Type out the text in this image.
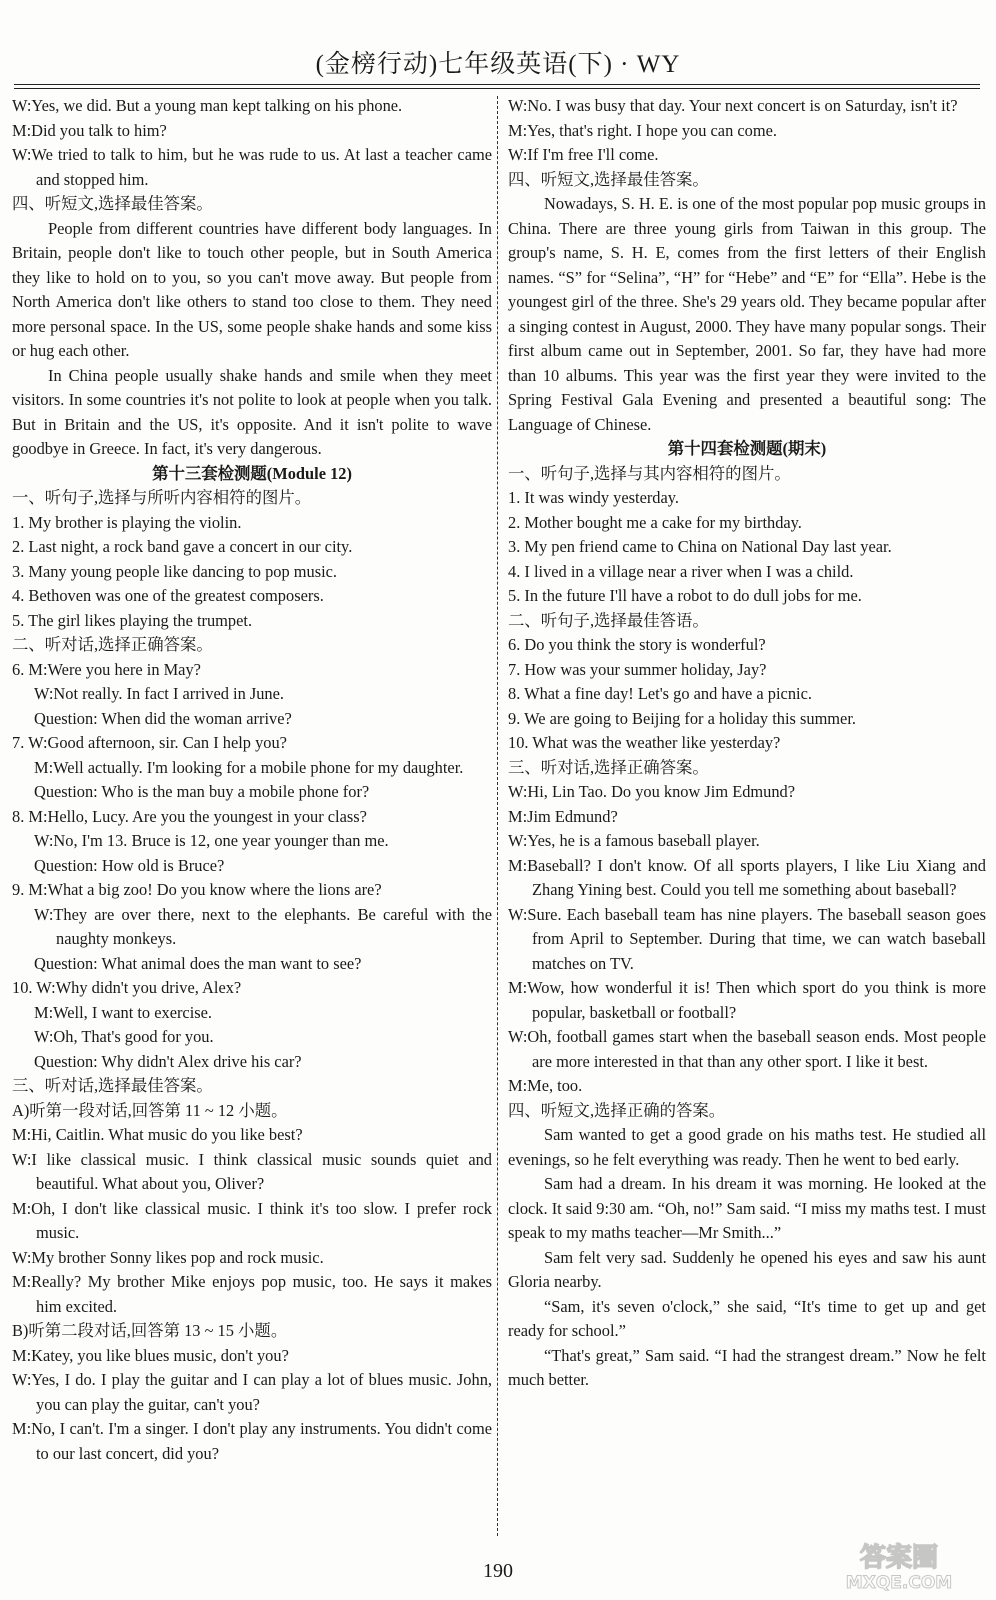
(金榜行动)七年级英语(下) · WY
W:Yes, we did. But a young man kept talking on his phone.
M:Did you talk to him?
W:We tried to talk to him, but he was rude to us. At last a teacher came and stopped him.
四、听短文,选择最佳答案。
People from different countries have different body languages. In Britain, people don't like to touch other people, but in South America they like to hold on to you, so you can't move away. But people from North America don't like others to stand too close to them. They need more personal space. In the US, some people shake hands and some kiss or hug each other.
In China people usually shake hands and smile when they meet visitors. In some countries it's not polite to look at people when you talk. But in Britain and the US, it's opposite. And it isn't polite to wave goodbye in Greece. In fact, it's very dangerous.
第十三套检测题(Module 12)
一、听句子,选择与所听内容相符的图片。
1. My brother is playing the violin.
2. Last night, a rock band gave a concert in our city.
3. Many young people like dancing to pop music.
4. Bethoven was one of the greatest composers.
5. The girl likes playing the trumpet.
二、听对话,选择正确答案。
6. M:Were you here in May?
W:Not really. In fact I arrived in June.
Question: When did the woman arrive?
7. W:Good afternoon, sir. Can I help you?
M:Well actually. I'm looking for a mobile phone for my daughter.
Question: Who is the man buy a mobile phone for?
8. M:Hello, Lucy. Are you the youngest in your class?
W:No, I'm 13. Bruce is 12, one year younger than me.
Question: How old is Bruce?
9. M:What a big zoo! Do you know where the lions are?
W:They are over there, next to the elephants. Be careful with the naughty monkeys.
Question: What animal does the man want to see?
10. W:Why didn't you drive, Alex?
M:Well, I want to exercise.
W:Oh, That's good for you.
Question: Why didn't Alex drive his car?
三、听对话,选择最佳答案。
A)听第一段对话,回答第 11 ~ 12 小题。
M:Hi, Caitlin. What music do you like best?
W:I like classical music. I think classical music sounds quiet and beautiful. What about you, Oliver?
M:Oh, I don't like classical music. I think it's too slow. I prefer rock music.
W:My brother Sonny likes pop and rock music.
M:Really? My brother Mike enjoys pop music, too. He says it makes him excited.
B)听第二段对话,回答第 13 ~ 15 小题。
M:Katey, you like blues music, don't you?
W:Yes, I do. I play the guitar and I can play a lot of blues music. John, you can play the guitar, can't you?
M:No, I can't. I'm a singer. I don't play any instruments. You didn't come to our last concert, did you?
W:No. I was busy that day. Your next concert is on Saturday, isn't it?
M:Yes, that's right. I hope you can come.
W:If I'm free I'll come.
四、听短文,选择最佳答案。
Nowadays, S. H. E. is one of the most popular pop music groups in China. There are three young girls from Taiwan in this group. The group's name, S. H. E, comes from the first letters of their English names. “S” for “Selina”, “H” for “Hebe” and “E” for “Ella”. Hebe is the youngest girl of the three. She's 29 years old. They became popular after a singing contest in August, 2000. They have many popular songs. Their first album came out in September, 2001. So far, they have had more than 10 albums. This year was the first year they were invited to the Spring Festival Gala Evening and presented a beautiful song: The Language of Chinese.
第十四套检测题(期末)
一、听句子,选择与其内容相符的图片。
1. It was windy yesterday.
2. Mother bought me a cake for my birthday.
3. My pen friend came to China on National Day last year.
4. I lived in a village near a river when I was a child.
5. In the future I'll have a robot to do dull jobs for me.
二、听句子,选择最佳答语。
6. Do you think the story is wonderful?
7. How was your summer holiday, Jay?
8. What a fine day! Let's go and have a picnic.
9. We are going to Beijing for a holiday this summer.
10. What was the weather like yesterday?
三、听对话,选择正确答案。
W:Hi, Lin Tao. Do you know Jim Edmund?
M:Jim Edmund?
W:Yes, he is a famous baseball player.
M:Baseball? I don't know. Of all sports players, I like Liu Xiang and Zhang Yining best. Could you tell me something about baseball?
W:Sure. Each baseball team has nine players. The baseball season goes from April to September. During that time, we can watch baseball matches on TV.
M:Wow, how wonderful it is! Then which sport do you think is more popular, basketball or football?
W:Oh, football games start when the baseball season ends. Most people are more interested in that than any other sport. I like it best.
M:Me, too.
四、听短文,选择正确的答案。
Sam wanted to get a good grade on his maths test. He studied all evenings, so he felt everything was ready. Then he went to bed early.
Sam had a dream. In his dream it was morning. He looked at the clock. It said 9:30 am. “Oh, no!” Sam said. “I miss my maths test. I must speak to my maths teacher—Mr Smith...”
Sam felt very sad. Suddenly he opened his eyes and saw his aunt Gloria nearby.
“Sam, it's seven o'clock,” she said, “It's time to get up and get ready for school.”
“That's great,” Sam said. “I had the strangest dream.” Now he felt much better.
190	答案圈
MXQE.COM
